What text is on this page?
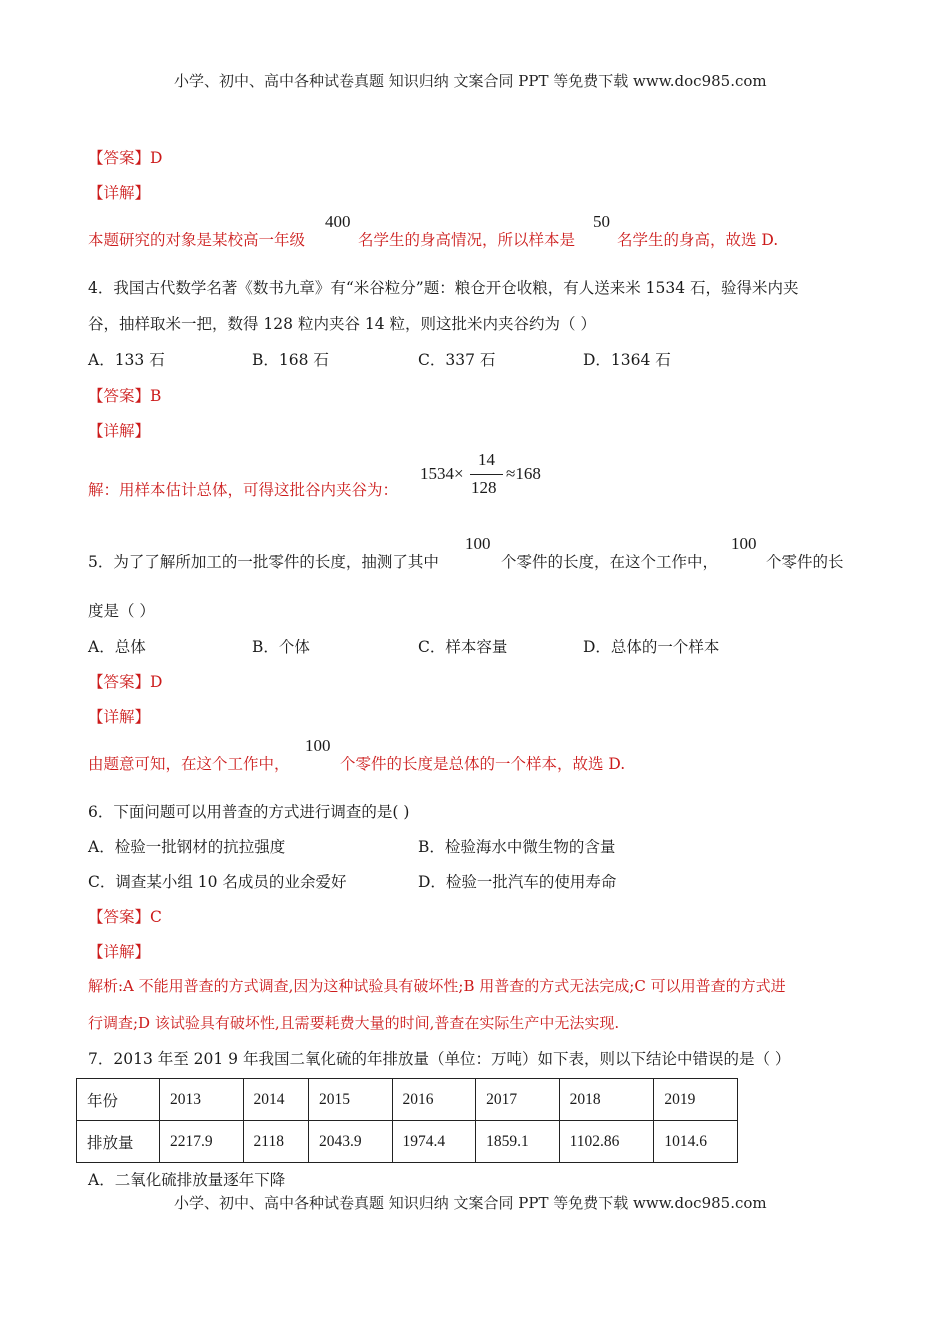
小学、初中、高中各种试卷真题 知识归纳 文案合同 PPT 等免费下载 www.doc985.com
【答案】D
【详解】
本题研究的对象是某校高一年级
400
名学生的身高情况，所以样本是
50
名学生的身高，故选 D.
4．我国古代数学名著《数书九章》有“米谷粒分”题：粮仓开仓收粮，有人送来米 1534 石，验得米内夹
谷，抽样取米一把，数得 128 粒内夹谷 14 粒，则这批米内夹谷约为（ ）
A．133 石	B．168 石	C．337 石	D．1364 石
【答案】B
【详解】
解：用样本估计总体，可得这批谷内夹谷为：
1534×
14
128
≈168
5．为了了解所加工的一批零件的长度，抽测了其中
100
个零件的长度，在这个工作中，
100
个零件的长
度是（ ）
A．总体	B．个体	C．样本容量	D．总体的一个样本
【答案】D
【详解】
由题意可知，在这个工作中，
100
个零件的长度是总体的一个样本，故选 D.
6．下面问题可以用普查的方式进行调查的是( )
A．检验一批钢材的抗拉强度	B．检验海水中微生物的含量
C．调查某小组 10 名成员的业余爱好	D．检验一批汽车的使用寿命
【答案】C
【详解】
解析:A 不能用普查的方式调查,因为这种试验具有破坏性;B 用普查的方式无法完成;C 可以用普查的方式进
行调查;D 该试验具有破坏性,且需要耗费大量的时间,普查在实际生产中无法实现.
7．2013 年至 201 9 年我国二氧化硫的年排放量（单位：万吨）如下表，则以下结论中错误的是（ ）
年份	2013	2014	2015	2016	2017	2018	2019
排放量	2217.9	2118	2043.9	1974.4	1859.1	1102.86	1014.6
A．二氧化硫排放量逐年下降
小学、初中、高中各种试卷真题 知识归纳 文案合同 PPT 等免费下载 www.doc985.com
